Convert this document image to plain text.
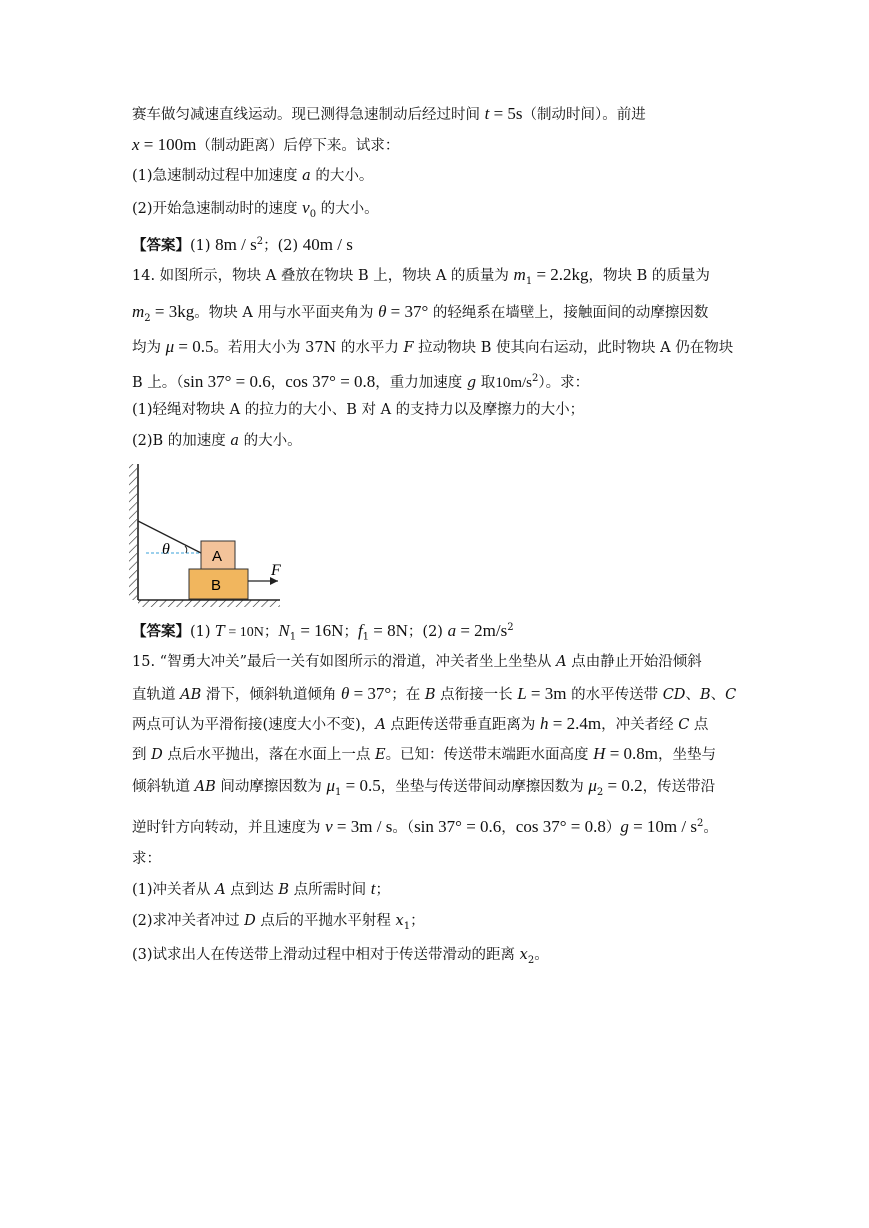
赛车做匀减速直线运动。现已测得急速制动后经过时间 t = 5s（制动时间）。前进
x = 100m（制动距离）后停下来。试求：
(1)急速制动过程中加速度 a 的大小。
(2)开始急速制动时的速度 $v_0$ 的大小。
【答案】(1) $8m / s^2$；(2) 40m / s
14. 如图所示，物块 A 叠放在物块 B 上，物块 A 的质量为 $m_1 = 2.2kg$，物块 B 的质量为
$m_2 = 3kg$。物块 A 用与水平面夹角为 θ = 37° 的轻绳系在墙壁上，接触面间的动摩擦因数
均为 μ = 0.5。若用大小为 37N 的水平力 F 拉动物块 B 使其向右运动，此时物块 A 仍在物块
B 上。（sin 37° = 0.6，cos 37° = 0.8，重力加速度 g 取$10m/s^2$）。求：
(1)轻绳对物块 A 的拉力的大小、B 对 A 的支持力以及摩擦力的大小；
(2)B 的加速度 a 的大小。
θ	A
B
F
【答案】(1) T = 10N；$N_1 = 16N$；$f_1 = 8N$；(2) $a = 2m/s^2$
15. “智勇大冲关”最后一关有如图所示的滑道，冲关者坐上坐垫从 A 点由静止开始沿倾斜
直轨道 AB 滑下，倾斜轨道倾角 θ = 37°；在 B 点衔接一长 L = 3m 的水平传送带 CD、B、C
两点可认为平滑衔接(速度大小不变)，A 点距传送带垂直距离为 h = 2.4m，冲关者经 C 点
到 D 点后水平抛出，落在水面上一点 E。已知：传送带末端距水面高度 H = 0.8m，坐垫与
倾斜轨道 AB 间动摩擦因数为 $\mu_1 = 0.5$，坐垫与传送带间动摩擦因数为 $\mu_2 = 0.2$，传送带沿
逆时针方向转动，并且速度为 v = 3m / s。（sin 37° = 0.6，$\cos 37^\circ = 0.8)g = 10m / s^2$。
求：
(1)冲关者从 A 点到达 B 点所需时间 t；
(2)求冲关者冲过 D 点后的平抛水平射程 $x_1$；
(3)试求出人在传送带上滑动过程中相对于传送带滑动的距离 $x_2$。
